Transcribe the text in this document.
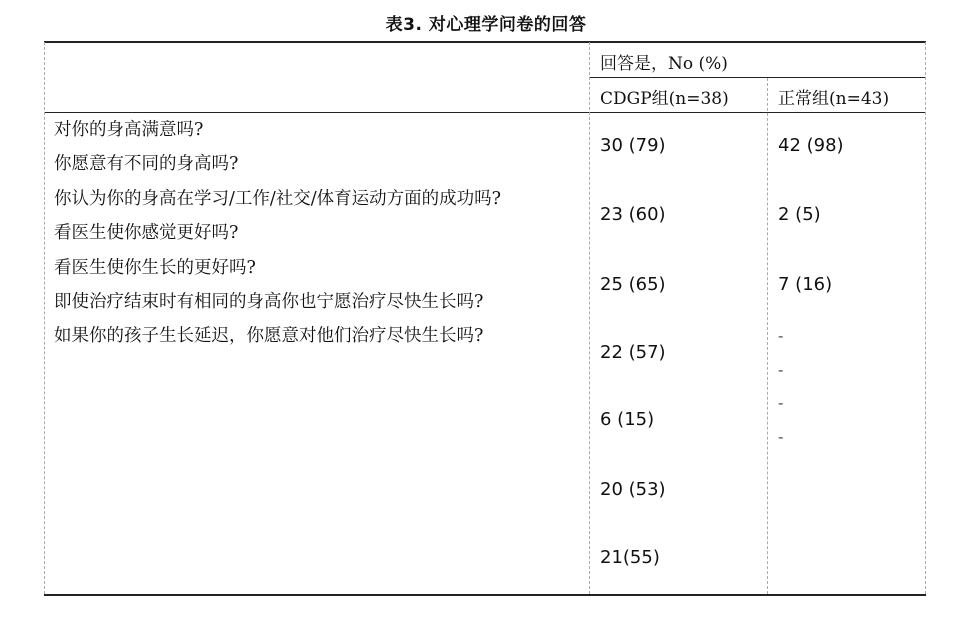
表3. 对心理学问卷的回答
回答是，No (%)
CDGP组(n=38)	正常组(n=43)
对你的身高满意吗?
你愿意有不同的身高吗?
你认为你的身高在学习/工作/社交/体育运动方面的成功吗?
看医生使你感觉更好吗?
看医生使你生长的更好吗?
即使治疗结束时有相同的身高你也宁愿治疗尽快生长吗?
如果你的孩子生长延迟，你愿意对他们治疗尽快生长吗?
30 (79)
23 (60)
25 (65)
22 (57)
6 (15)
20 (53)
21(55)
42 (98)
2 (5)
7 (16)
-
-
-
-
